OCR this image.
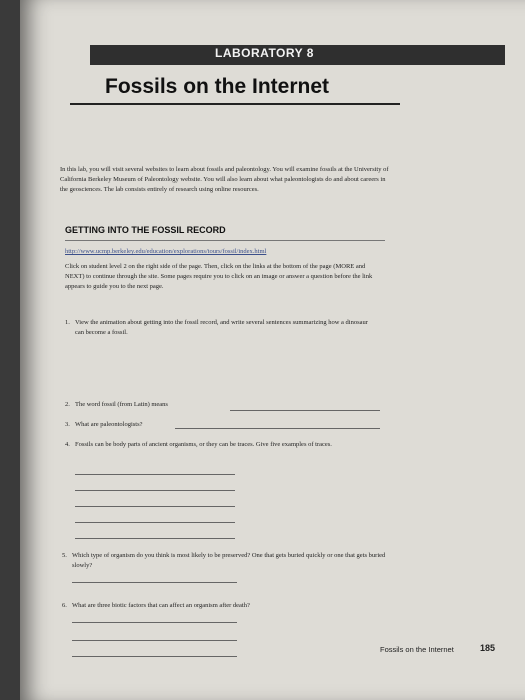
LABORATORY 8
Fossils on the Internet
In this lab, you will visit several websites to learn about fossils and paleontology. You will examine fossils at the University of California Berkeley Museum of Paleontology website. You will also learn about what paleontologists do and about careers in the geosciences. The lab consists entirely of research using online resources.
GETTING INTO THE FOSSIL RECORD
http://www.ucmp.berkeley.edu/education/explorations/tours/fossil/index.html
Click on student level 2 on the right side of the page. Then, click on the links at the bottom of the page (MORE and NEXT) to continue through the site. Some pages require you to click on an image or answer a question before the link appears to guide you to the next page.
1. View the animation about getting into the fossil record, and write several sentences summarizing how a dinosaur can become a fossil.
2. The word fossil (from Latin) means
3. What are paleontologists?
4. Fossils can be body parts of ancient organisms, or they can be traces. Give five examples of traces.
5. Which type of organism do you think is most likely to be preserved? One that gets buried quickly or one that gets buried slowly?
6. What are three biotic factors that can affect an organism after death?
Fossils on the Internet	185
